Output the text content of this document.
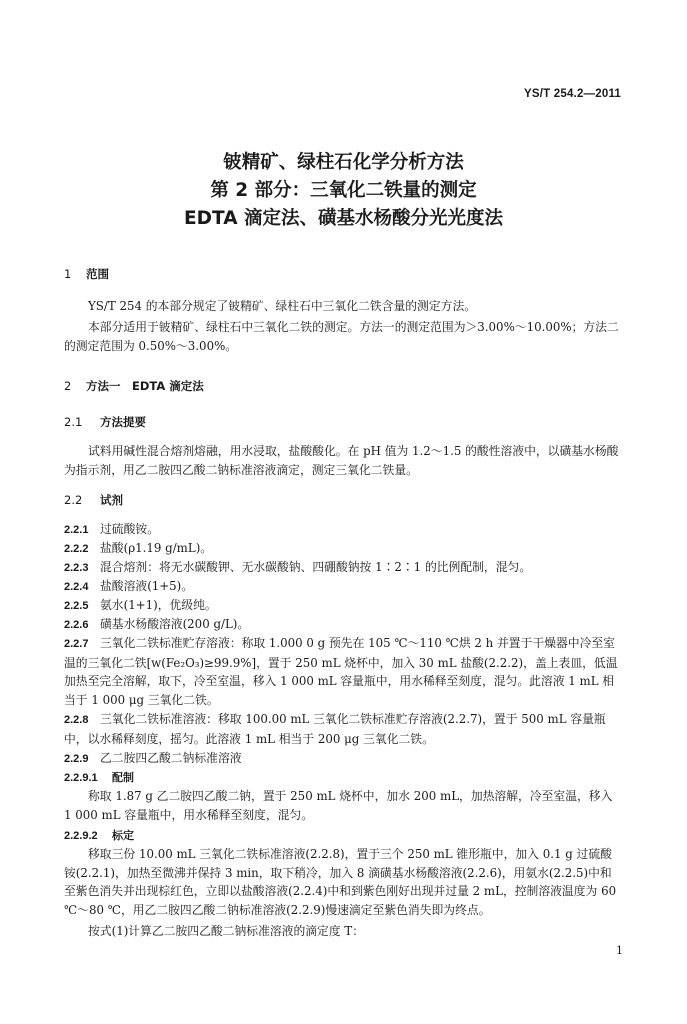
YS/T 254.2—2011
铍精矿、绿柱石化学分析方法
第 2 部分：三氧化二铁量的测定
EDTA 滴定法、磺基水杨酸分光光度法
1 范围
YS/T 254 的本部分规定了铍精矿、绿柱石中三氧化二铁含量的测定方法。
本部分适用于铍精矿、绿柱石中三氧化二铁的测定。方法一的测定范围为＞3.00%～10.00%；方法二的测定范围为 0.50%～3.00%。
2 方法一　EDTA 滴定法
2.1 方法提要
试料用碱性混合熔剂熔融，用水浸取，盐酸酸化。在 pH 值为 1.2～1.5 的酸性溶液中，以磺基水杨酸为指示剂，用乙二胺四乙酸二钠标准溶液滴定，测定三氧化二铁量。
2.2 试剂
2.2.1 过硫酸铵。
2.2.2 盐酸(ρ1.19 g/mL)。
2.2.3 混合熔剂：将无水碳酸钾、无水碳酸钠、四硼酸钠按 1∶2∶1 的比例配制，混匀。
2.2.4 盐酸溶液(1+5)。
2.2.5 氨水(1+1)，优级纯。
2.2.6 磺基水杨酸溶液(200 g/L)。
2.2.7 三氧化二铁标准贮存溶液：称取 1.000 0 g 预先在 105 ℃～110 ℃烘 2 h 并置于干燥器中冷至室温的三氧化二铁[w(Fe₂O₃)≥99.9%]，置于 250 mL 烧杯中，加入 30 mL 盐酸(2.2.2)，盖上表皿，低温加热至完全溶解，取下，冷至室温，移入 1 000 mL 容量瓶中，用水稀释至刻度，混匀。此溶液 1 mL 相当于 1 000 μg 三氧化二铁。
2.2.8 三氧化二铁标准溶液：移取 100.00 mL 三氧化二铁标准贮存溶液(2.2.7)，置于 500 mL 容量瓶中，以水稀释刻度，摇匀。此溶液 1 mL 相当于 200 μg 三氧化二铁。
2.2.9 乙二胺四乙酸二钠标准溶液
2.2.9.1 配制
称取 1.87 g 乙二胺四乙酸二钠，置于 250 mL 烧杯中，加水 200 mL，加热溶解，冷至室温，移入 1 000 mL 容量瓶中，用水稀释至刻度，混匀。
2.2.9.2 标定
移取三份 10.00 mL 三氧化二铁标准溶液(2.2.8)，置于三个 250 mL 锥形瓶中，加入 0.1 g 过硫酸铵(2.2.1)，加热至微沸并保持 3 min，取下稍冷，加入 8 滴磺基水杨酸溶液(2.2.6)，用氨水(2.2.5)中和至紫色消失并出现棕红色，立即以盐酸溶液(2.2.4)中和到紫色刚好出现并过量 2 mL，控制溶液温度为 60 ℃～80 ℃，用乙二胺四乙酸二钠标准溶液(2.2.9)慢速滴定至紫色消失即为终点。
按式(1)计算乙二胺四乙酸二钠标准溶液的滴定度 T：
1
